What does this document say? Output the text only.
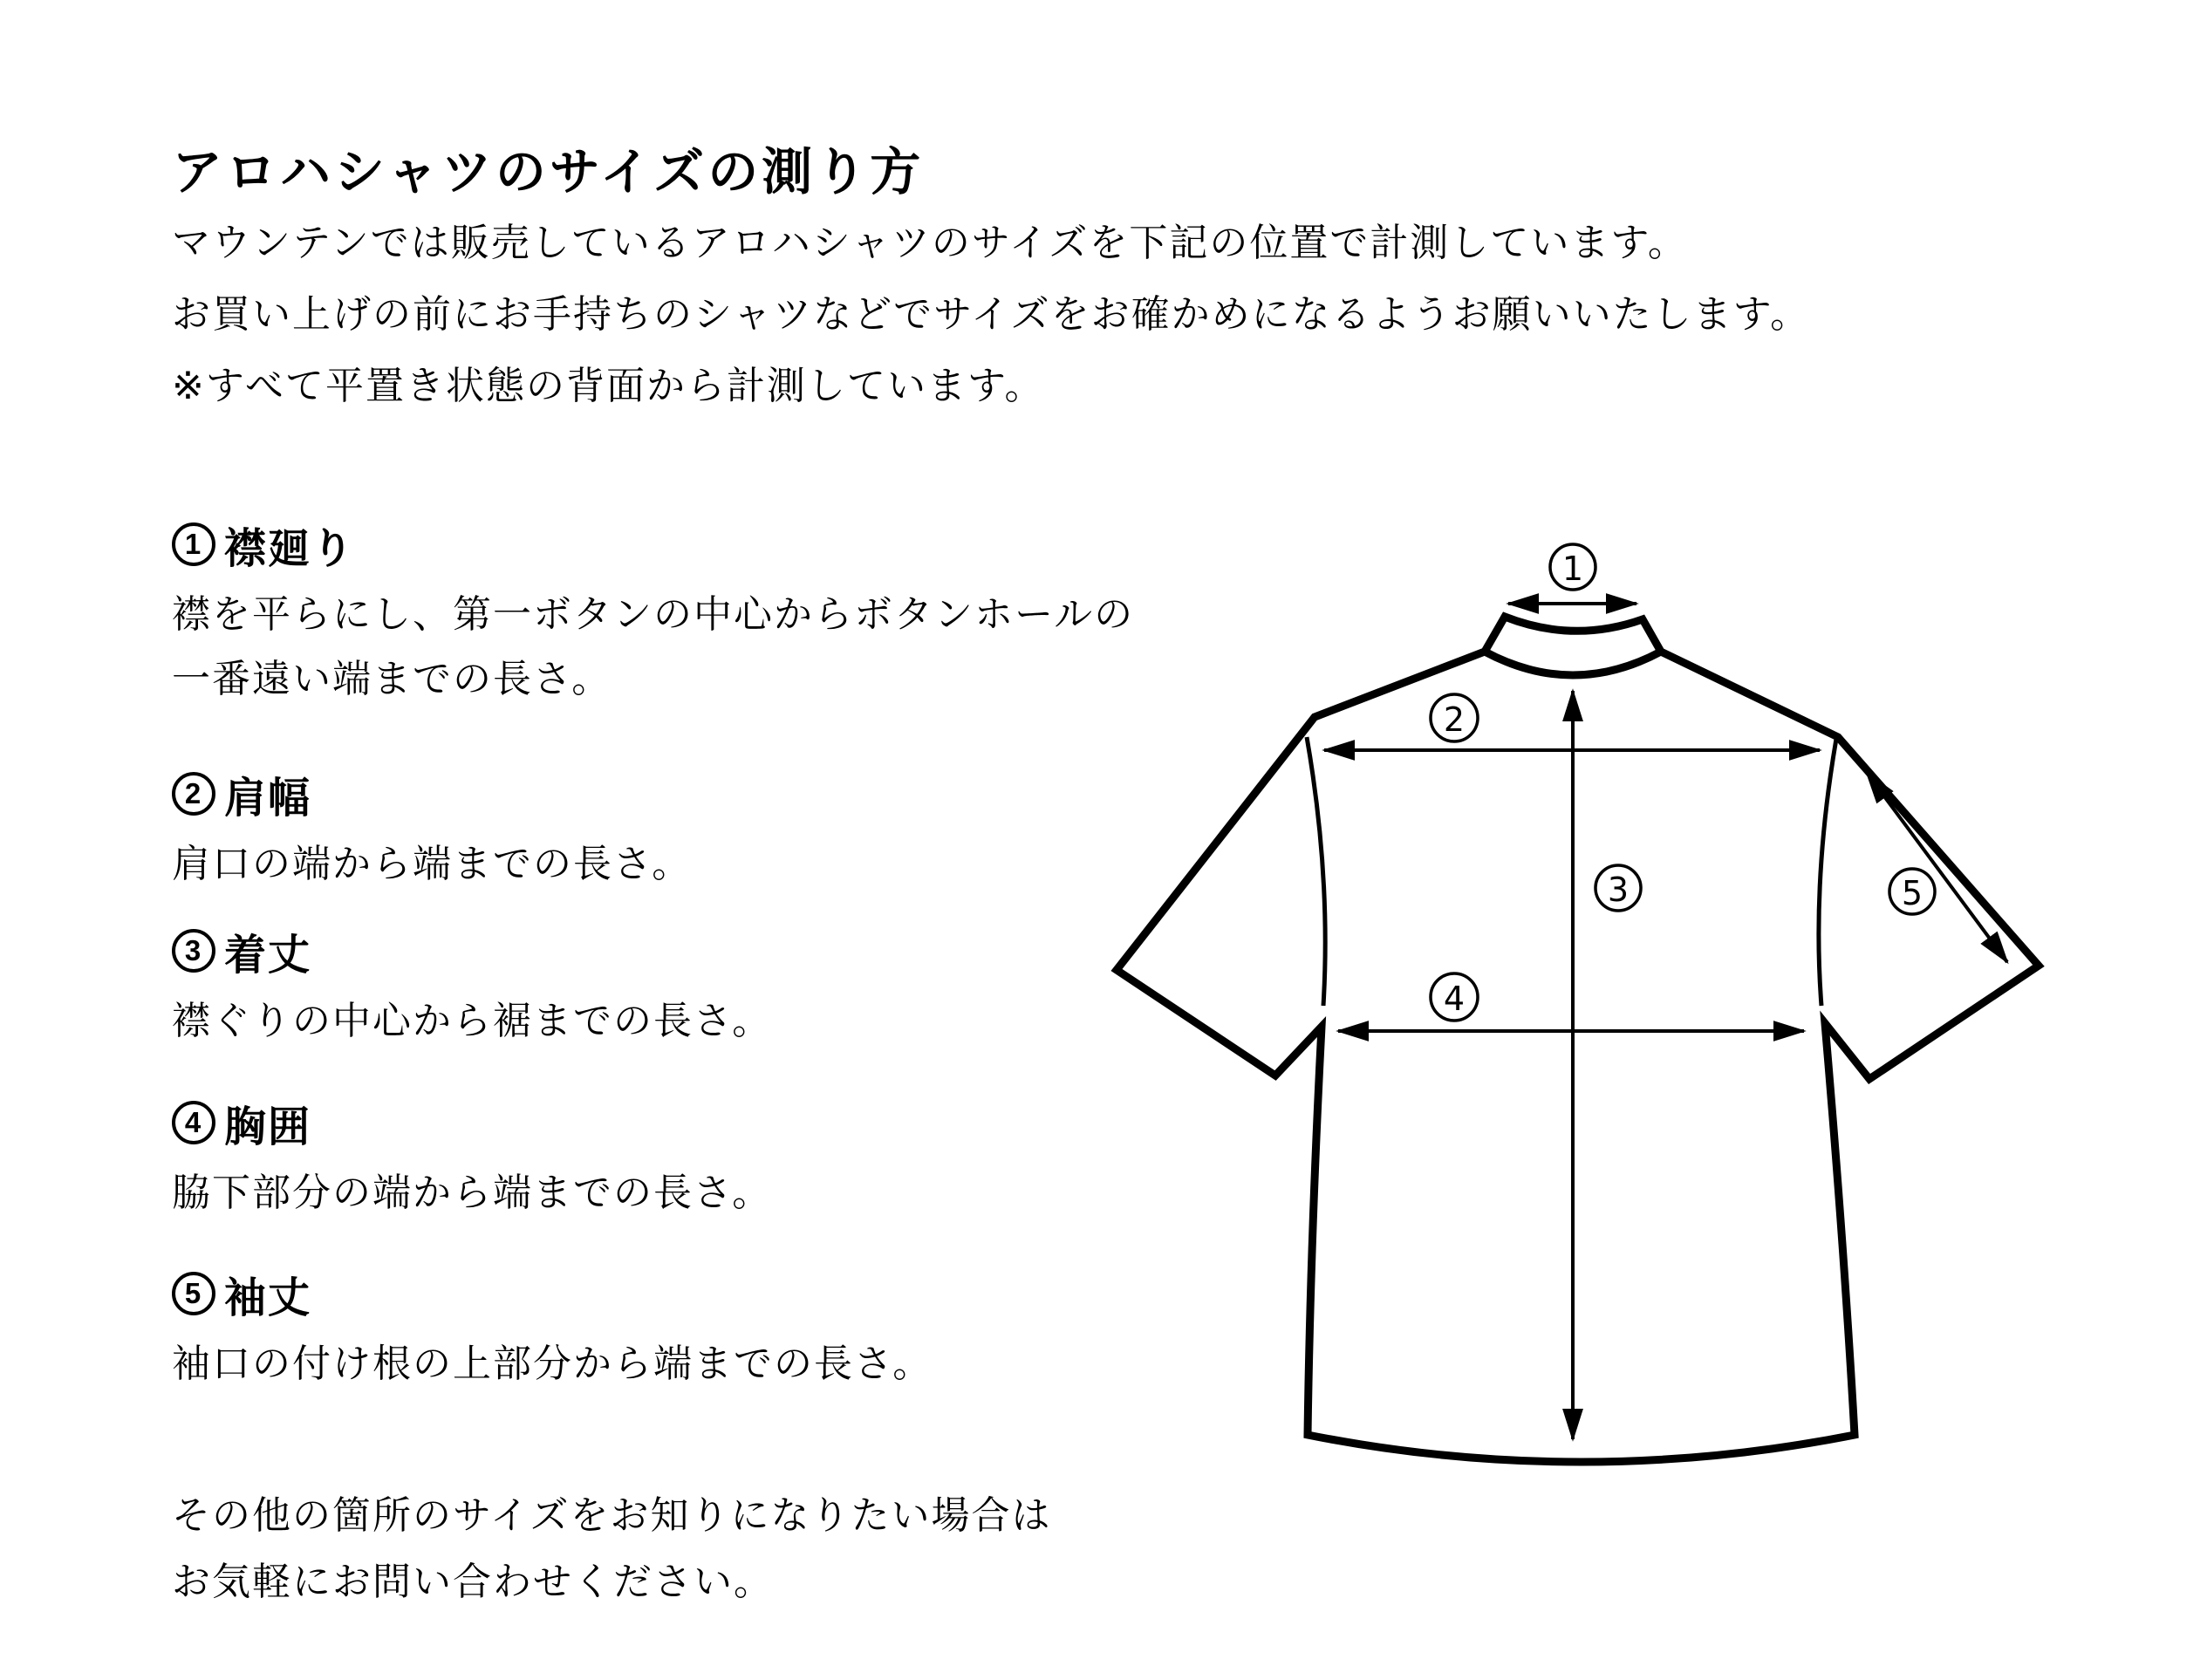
アロハシャツのサイズの測り方
マウンテンでは販売しているアロハシャツのサイズを下記の位置で計測しています。
お買い上げの前にお手持ちのシャツなどでサイズをお確かめになるようお願いいたします。
※すべて平置き状態の背面から計測しています。
1 襟廻り
襟を平らにし、第一ボタンの中心からボタンホールの
一番遠い端までの長さ。
2 肩幅
肩口の端から端までの長さ。
3 着丈
襟ぐりの中心から裾までの長さ。
4 胸囲
脇下部分の端から端までの長さ。
5 袖丈
袖口の付け根の上部分から端までの長さ。
その他の箇所のサイズをお知りになりたい場合は
お気軽にお問い合わせください。
1
2
3
4
5
